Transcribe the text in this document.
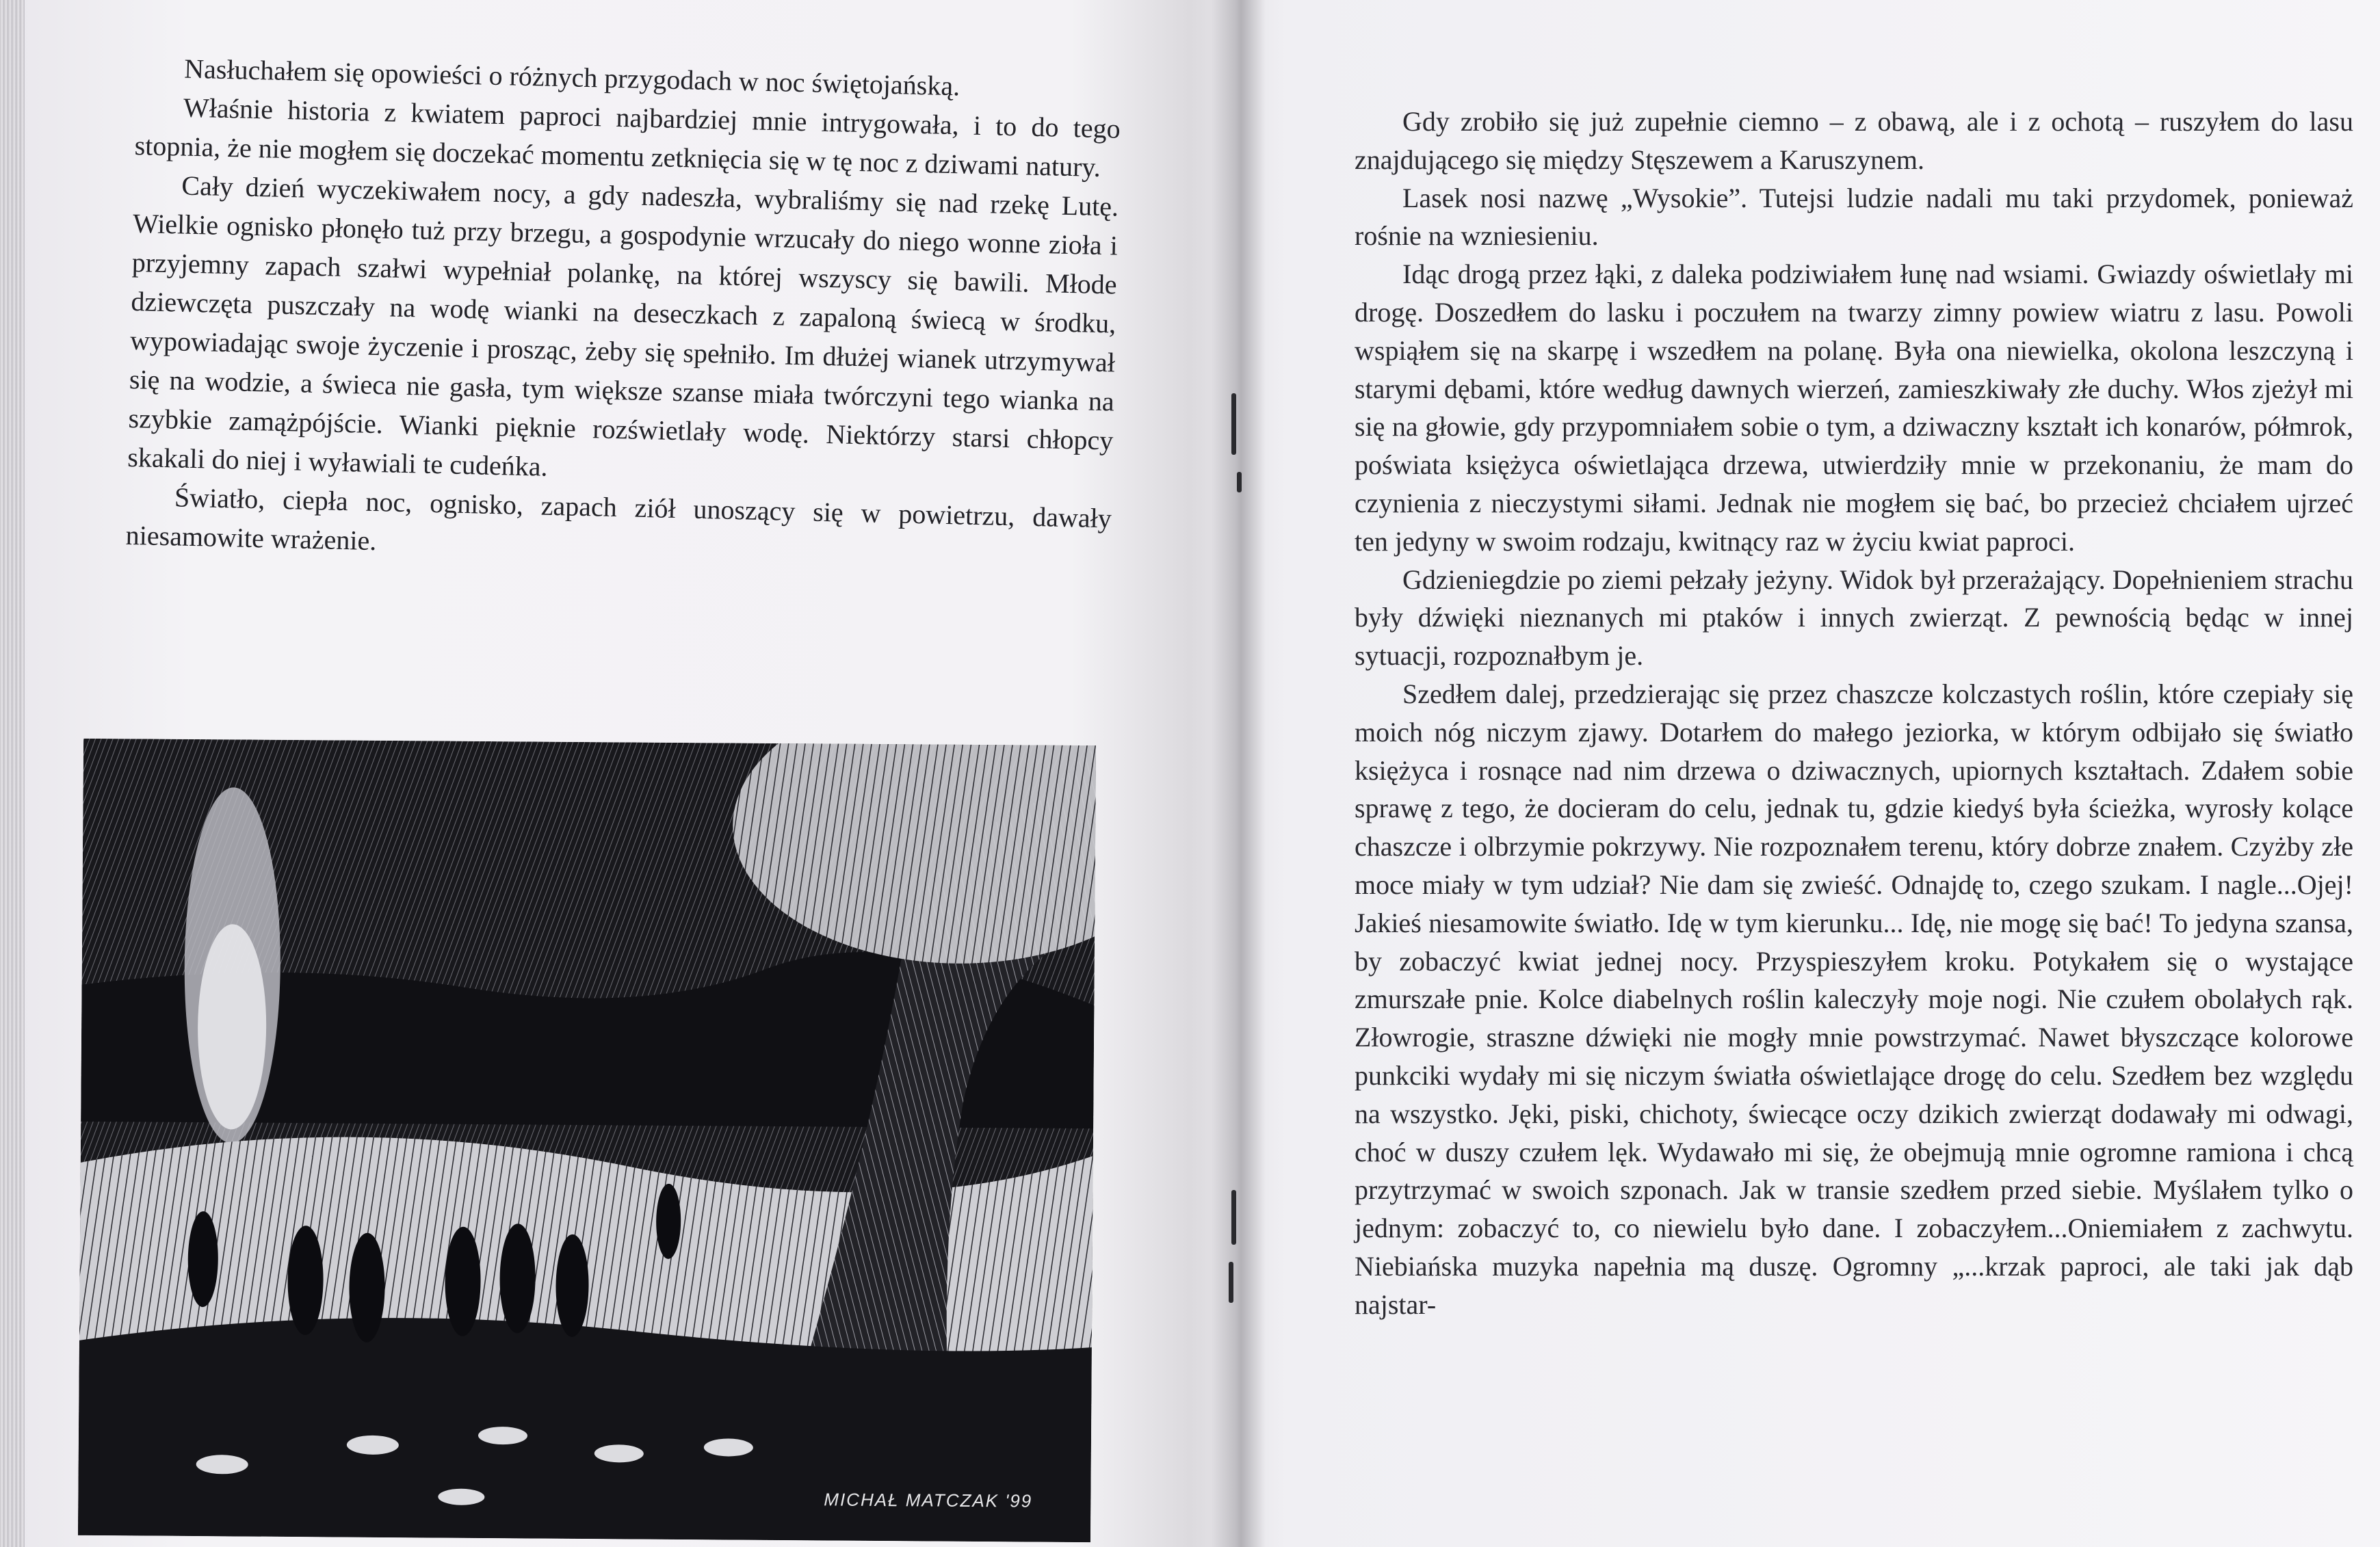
Nasłuchałem się opowieści o różnych przygodach w noc świętojańską.

Właśnie historia z kwiatem paproci najbardziej mnie intrygowała, i to do tego stopnia, że nie mogłem się doczekać momentu zetknięcia się w tę noc z dziwami natury.

Cały dzień wyczekiwałem nocy, a gdy nadeszła, wybraliśmy się nad rzekę Lutę. Wielkie ognisko płonęło tuż przy brzegu, a gospodynie wrzucały do niego wonne zioła i przyjemny zapach szałwi wypełniał polankę, na której wszyscy się bawili. Młode dziewczęta puszczały na wodę wianki na deseczkach z zapaloną świecą w środku, wypowiadając swoje życzenie i prosząc, żeby się spełniło. Im dłużej wianek utrzymywał się na wodzie, a świeca nie gasła, tym większe szanse miała twórczyni tego wianka na szybkie zamążpójście. Wianki pięknie rozświetlały wodę. Niektórzy starsi chłopcy skakali do niej i wyławiali te cudeńka.

Światło, ciepła noc, ognisko, zapach ziół unoszący się w powietrzu, dawały niesamowite wrażenie.

MICHAŁ MATCZAK '99

Gdy zrobiło się już zupełnie ciemno – z obawą, ale i z ochotą – ruszyłem do lasu znajdującego się między Stęszewem a Karuszynem.

Lasek nosi nazwę „Wysokie”. Tutejsi ludzie nadali mu taki przydomek, ponieważ rośnie na wzniesieniu.

Idąc drogą przez łąki, z daleka podziwiałem łunę nad wsiami. Gwiazdy oświetlały mi drogę. Doszedłem do lasku i poczułem na twarzy zimny powiew wiatru z lasu. Powoli wspiąłem się na skarpę i wszedłem na polanę. Była ona niewielka, okolona leszczyną i starymi dębami, które według dawnych wierzeń, zamieszkiwały złe duchy. Włos zjeżył mi się na głowie, gdy przypomniałem sobie o tym, a dziwaczny kształt ich konarów, półmrok, poświata księżyca oświetlająca drzewa, utwierdziły mnie w przekonaniu, że mam do czynienia z nieczystymi siłami. Jednak nie mogłem się bać, bo przecież chciałem ujrzeć ten jedyny w swoim rodzaju, kwitnący raz w życiu kwiat paproci.

Gdzieniegdzie po ziemi pełzały jeżyny. Widok był przerażający. Dopełnieniem strachu były dźwięki nieznanych mi ptaków i innych zwierząt. Z pewnością będąc w innej sytuacji, rozpoznałbym je.

Szedłem dalej, przedzierając się przez chaszcze kolczastych roślin, które czepiały się moich nóg niczym zjawy. Dotarłem do małego jeziorka, w którym odbijało się światło księżyca i rosnące nad nim drzewa o dziwacznych, upiornych kształtach. Zdałem sobie sprawę z tego, że docieram do celu, jednak tu, gdzie kiedyś była ścieżka, wyrosły kolące chaszcze i olbrzymie pokrzywy. Nie rozpoznałem terenu, który dobrze znałem. Czyżby złe moce miały w tym udział? Nie dam się zwieść. Odnajdę to, czego szukam. I nagle...Ojej! Jakieś niesamowite światło. Idę w tym kierunku... Idę, nie mogę się bać! To jedyna szansa, by zobaczyć kwiat jednej nocy. Przyspieszyłem kroku. Potykałem się o wystające zmurszałe pnie. Kolce diabelnych roślin kaleczyły moje nogi. Nie czułem obolałych rąk. Złowrogie, straszne dźwięki nie mogły mnie powstrzymać. Nawet błyszczące kolorowe punkciki wydały mi się niczym światła oświetlające drogę do celu. Szedłem bez względu na wszystko. Jęki, piski, chichoty, świecące oczy dzikich zwierząt dodawały mi odwagi, choć w duszy czułem lęk. Wydawało mi się, że obejmują mnie ogromne ramiona i chcą przytrzymać w swoich szponach. Jak w transie szedłem przed siebie. Myślałem tylko o jednym: zobaczyć to, co niewielu było dane. I zobaczyłem...Oniemiałem z zachwytu. Niebiańska muzyka napełnia mą duszę. Ogromny „...krzak paproci, ale taki jak dąb najstar-
